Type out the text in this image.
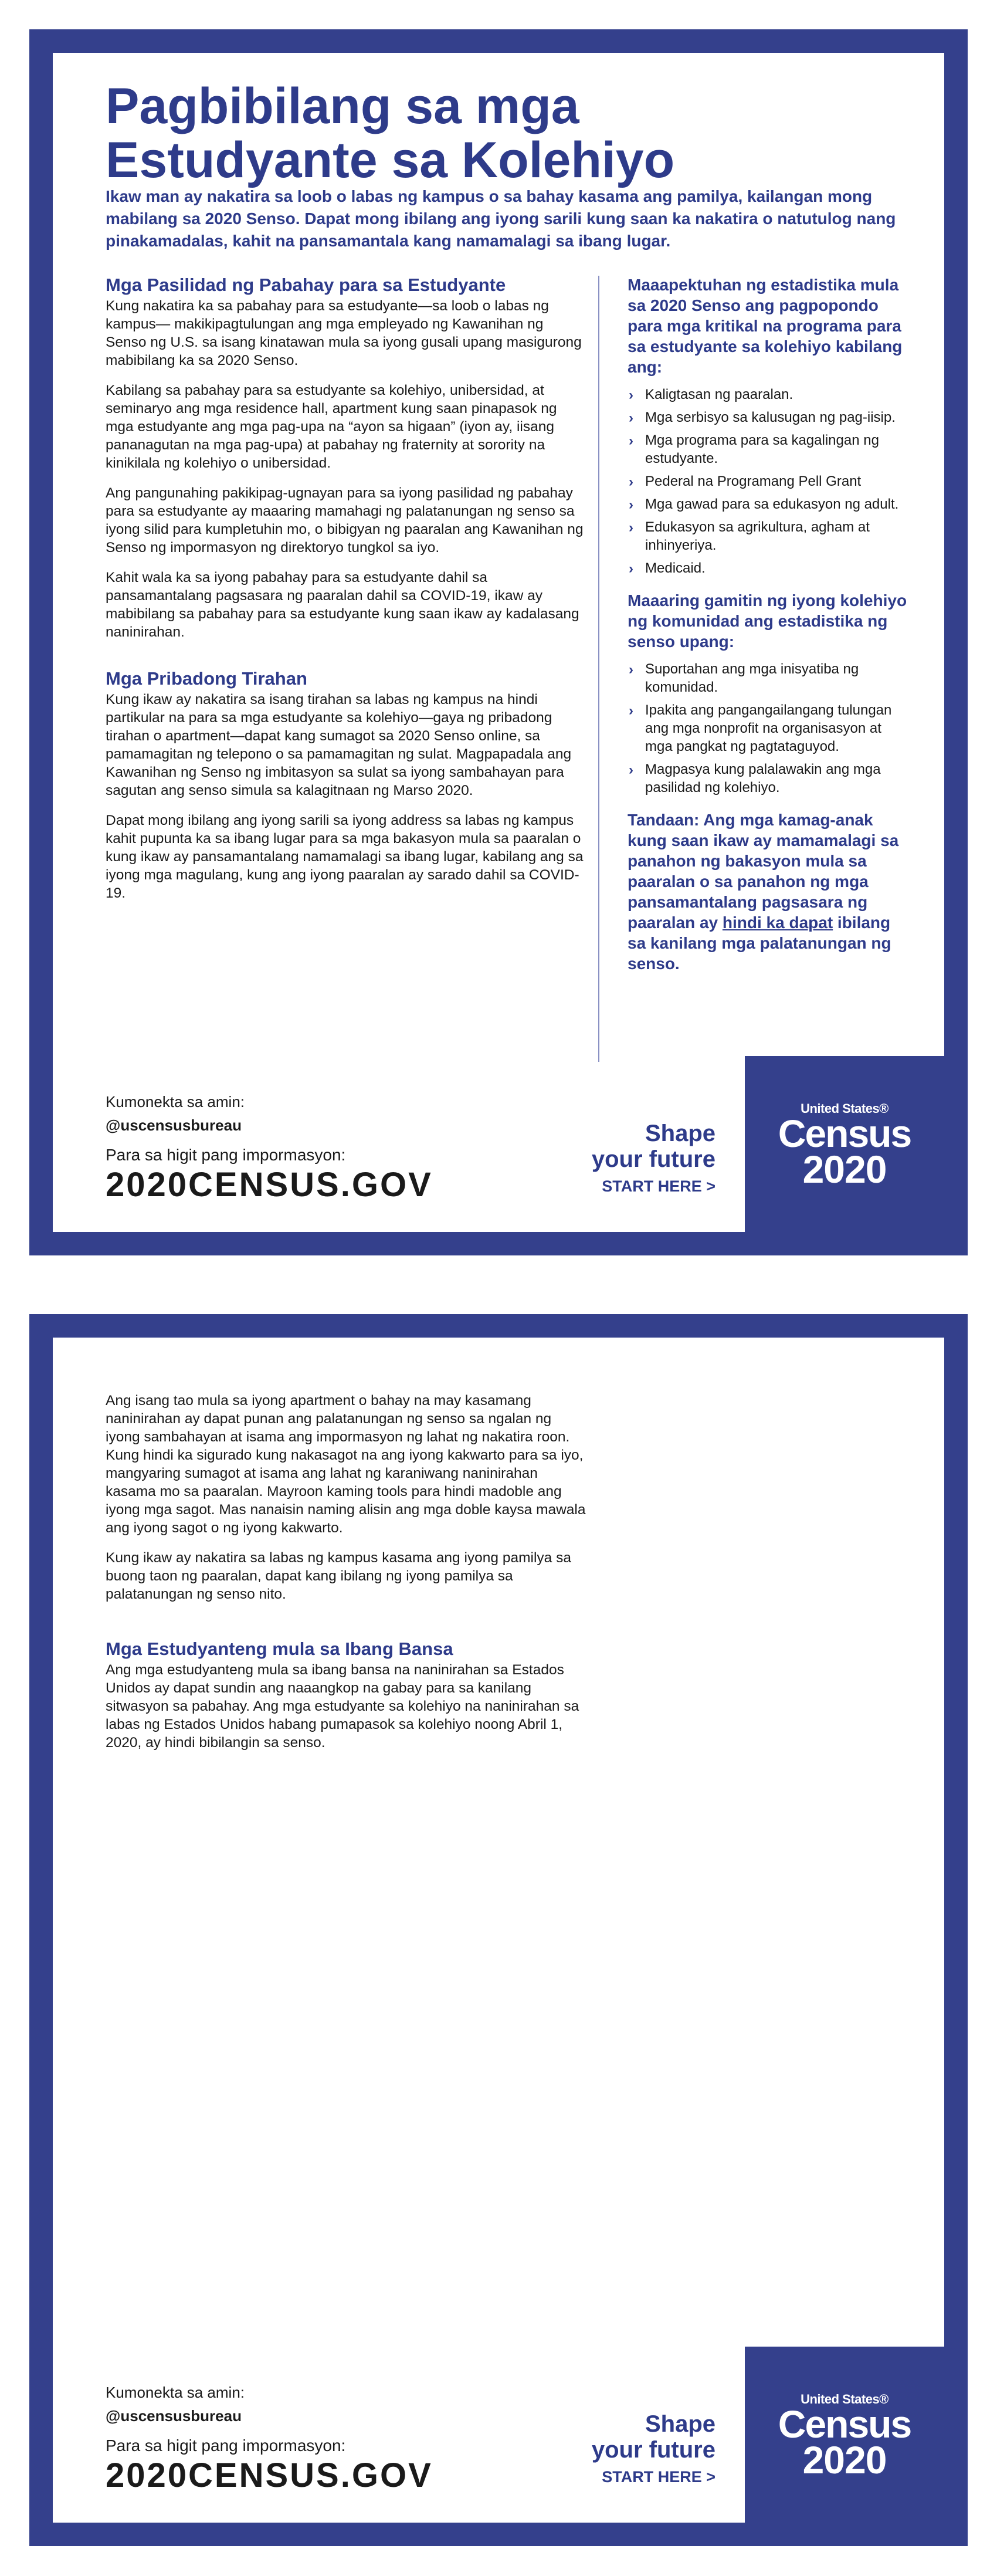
Pagbibilang sa mga
Estudyante sa Kolehiyo

Ikaw man ay nakatira sa loob o labas ng kampus o sa bahay kasama ang pamilya, kailangan mong mabilang sa 2020 Senso. Dapat mong ibilang ang iyong sarili kung saan ka nakatira o natutulog nang pinakamadalas, kahit na pansamantala kang namamalagi sa ibang lugar.

Mga Pasilidad ng Pabahay para sa Estudyante

Kung nakatira ka sa pabahay para sa estudyante—sa loob o labas ng kampus— makikipagtulungan ang mga empleyado ng Kawanihan ng Senso ng U.S. sa isang kinatawan mula sa iyong gusali upang masigurong mabibilang ka sa 2020 Senso.

Kabilang sa pabahay para sa estudyante sa kolehiyo, unibersidad, at seminaryo ang mga residence hall, apartment kung saan pinapasok ng mga estudyante ang mga pag-upa na “ayon sa higaan” (iyon ay, iisang pananagutan na mga pag-upa) at pabahay ng fraternity at sorority na kinikilala ng kolehiyo o unibersidad.

Ang pangunahing pakikipag-ugnayan para sa iyong pasilidad ng pabahay para sa estudyante ay maaaring mamahagi ng palatanungan ng senso sa iyong silid para kumpletuhin mo, o bibigyan ng paaralan ang Kawanihan ng Senso ng impormasyon ng direktoryo tungkol sa iyo.

Kahit wala ka sa iyong pabahay para sa estudyante dahil sa pansamantalang pagsasara ng paaralan dahil sa COVID-19, ikaw ay mabibilang sa pabahay para sa estudyante kung saan ikaw ay kadalasang naninirahan.

Mga Pribadong Tirahan

Kung ikaw ay nakatira sa isang tirahan sa labas ng kampus na hindi partikular na para sa mga estudyante sa kolehiyo—gaya ng pribadong tirahan o apartment—dapat kang sumagot sa 2020 Senso online, sa pamamagitan ng telepono o sa pamamagitan ng sulat. Magpapadala ang Kawanihan ng Senso ng imbitasyon sa sulat sa iyong sambahayan para sagutan ang senso simula sa kalagitnaan ng Marso 2020.

Dapat mong ibilang ang iyong sarili sa iyong address sa labas ng kampus kahit pupunta ka sa ibang lugar para sa mga bakasyon mula sa paaralan o kung ikaw ay pansamantalang namamalagi sa ibang lugar, kabilang ang sa iyong mga magulang, kung ang iyong paaralan ay sarado dahil sa COVID-19.

Maaapektuhan ng estadistika mula sa 2020 Senso ang pagpopondo para mga kritikal na programa para sa estudyante sa kolehiyo kabilang ang:
› Kaligtasan ng paaralan.
› Mga serbisyo sa kalusugan ng pag-iisip.
› Mga programa para sa kagalingan ng estudyante.
› Pederal na Programang Pell Grant
› Mga gawad para sa edukasyon ng adult.
› Edukasyon sa agrikultura, agham at inhinyeriya.
› Medicaid.
Maaaring gamitin ng iyong kolehiyo ng komunidad ang estadistika ng senso upang:
› Suportahan ang mga inisyatiba ng komunidad.
› Ipakita ang pangangailangang tulungan ang mga nonprofit na organisasyon at mga pangkat ng pagtataguyod.
› Magpasya kung palalawakin ang mga pasilidad ng kolehiyo.

Tandaan: Ang mga kamag-anak kung saan ikaw ay mamamalagi sa panahon ng bakasyon mula sa paaralan o sa panahon ng mga pansamantalang pagsasara ng paaralan ay hindi ka dapat ibilang sa kanilang mga palatanungan ng senso.

Kumonekta sa amin:
@uscensusbureau
Para sa higit pang impormasyon:
2020CENSUS.GOV
Shape
your future
START HERE >
United States®
Census
2020

Ang isang tao mula sa iyong apartment o bahay na may kasamang naninirahan ay dapat punan ang palatanungan ng senso sa ngalan ng iyong sambahayan at isama ang impormasyon ng lahat ng nakatira roon. Kung hindi ka sigurado kung nakasagot na ang iyong kakwarto para sa iyo, mangyaring sumagot at isama ang lahat ng karaniwang naninirahan kasama mo sa paaralan. Mayroon kaming tools para hindi madoble ang iyong mga sagot. Mas nanaisin naming alisin ang mga doble kaysa mawala ang iyong sagot o ng iyong kakwarto.

Kung ikaw ay nakatira sa labas ng kampus kasama ang iyong pamilya sa buong taon ng paaralan, dapat kang ibilang ng iyong pamilya sa palatanungan ng senso nito.

Mga Estudyanteng mula sa Ibang Bansa

Ang mga estudyanteng mula sa ibang bansa na naninirahan sa Estados Unidos ay dapat sundin ang naaangkop na gabay para sa kanilang sitwasyon sa pabahay. Ang mga estudyante sa kolehiyo na naninirahan sa labas ng Estados Unidos habang pumapasok sa kolehiyo noong Abril 1, 2020, ay hindi bibilangin sa senso.

Kumonekta sa amin:
@uscensusbureau
Para sa higit pang impormasyon:
2020CENSUS.GOV
Shape
your future
START HERE >
United States®
Census
2020
